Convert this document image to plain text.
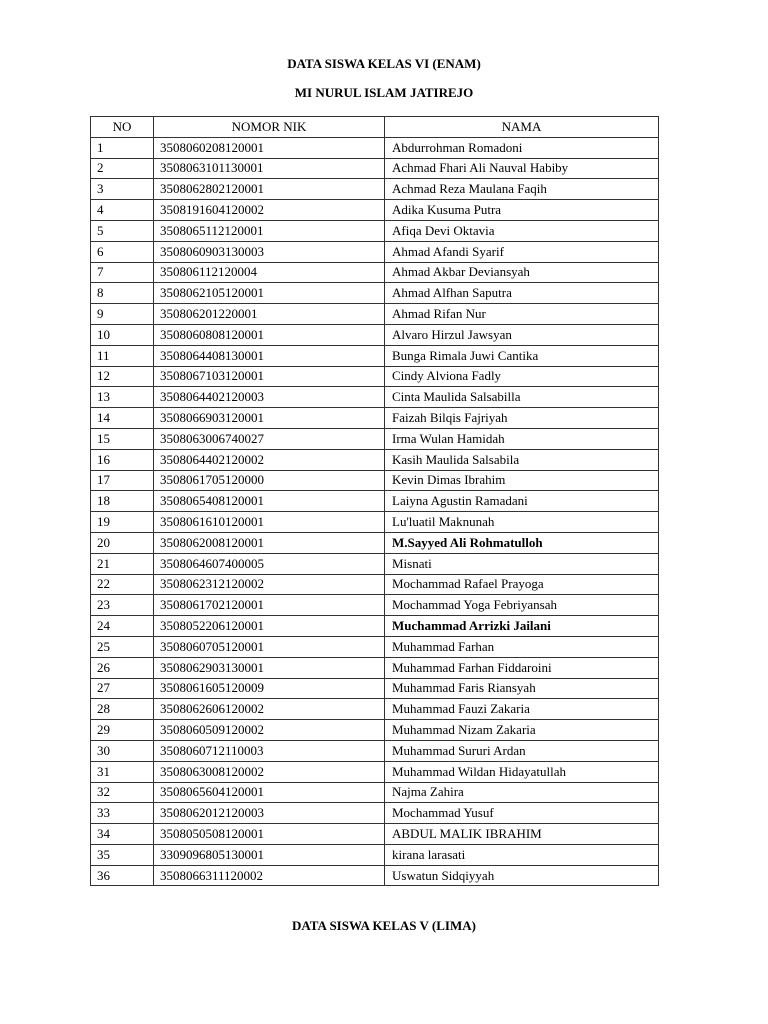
DATA SISWA KELAS VI (ENAM)
MI NURUL ISLAM JATIREJO
NO	NOMOR NIK	NAMA
1	3508060208120001	Abdurrohman Romadoni
2	3508063101130001	Achmad Fhari Ali Nauval Habiby
3	3508062802120001	Achmad Reza Maulana Faqih
4	3508191604120002	Adika Kusuma Putra
5	3508065112120001	Afiqa Devi Oktavia
6	3508060903130003	Ahmad Afandi Syarif
7	350806112120004	Ahmad Akbar Deviansyah
8	3508062105120001	Ahmad Alfhan Saputra
9	350806201220001	Ahmad Rifan Nur
10	3508060808120001	Alvaro Hirzul Jawsyan
11	3508064408130001	Bunga Rimala Juwi Cantika
12	3508067103120001	Cindy Alviona Fadly
13	3508064402120003	Cinta Maulida Salsabilla
14	3508066903120001	Faizah Bilqis Fajriyah
15	3508063006740027	Irma Wulan Hamidah
16	3508064402120002	Kasih Maulida Salsabila
17	3508061705120000	Kevin Dimas Ibrahim
18	3508065408120001	Laiyna Agustin Ramadani
19	3508061610120001	Lu'luatil Maknunah
20	3508062008120001	M.Sayyed Ali Rohmatulloh
21	3508064607400005	Misnati
22	3508062312120002	Mochammad Rafael Prayoga
23	3508061702120001	Mochammad Yoga Febriyansah
24	3508052206120001	Muchammad Arrizki Jailani
25	3508060705120001	Muhammad Farhan
26	3508062903130001	Muhammad Farhan Fiddaroini
27	3508061605120009	Muhammad Faris Riansyah
28	3508062606120002	Muhammad Fauzi Zakaria
29	3508060509120002	Muhammad Nizam Zakaria
30	3508060712110003	Muhammad Sururi Ardan
31	3508063008120002	Muhammad Wildan Hidayatullah
32	3508065604120001	Najma Zahira
33	3508062012120003	Mochammad Yusuf
34	3508050508120001	ABDUL MALIK IBRAHIM
35	3309096805130001	kirana larasati
36	3508066311120002	Uswatun Sidqiyyah
DATA SISWA KELAS V (LIMA)
